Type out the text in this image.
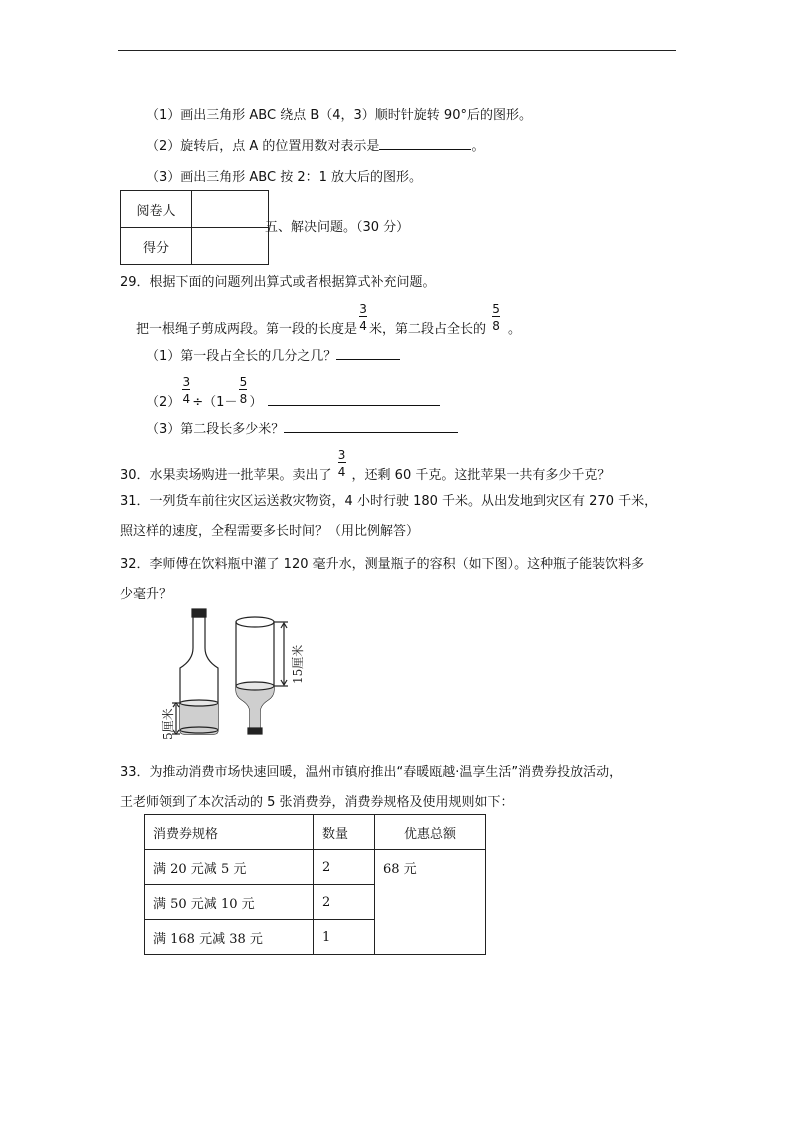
（1）画出三角形 ABC 绕点 B（4，3）顺时针旋转 90°后的图形。
（2）旋转后，点 A 的位置用数对表示是	。
（3）画出三角形 ABC 按 2：1 放大后的图形。
阅卷人	
得分	
五、解决问题。（30 分）
29．根据下面的问题列出算式或者根据算式补充问题。
把一根绳子剪成两段。第一段的长度是 $\frac{3}{4}$ 米，第二段占全长的 $\frac{5}{8}$ 。
（1）第一段占全长的几分之几？
$(2) \frac{3}{4} \div(1- \frac{5}{8}$ ）
（3）第二段长多少米？
30．水果卖场购进一批苹果。卖出了 $\frac{3}{4}$ ，还剩 60 千克。这批苹果一共有多少千克？
31．一列货车前往灾区运送救灾物资，4 小时行驶 180 千米。从出发地到灾区有 270 千米，
照这样的速度，全程需要多长时间？（用比例解答）
32．李师傅在饮料瓶中灌了 120 毫升水，测量瓶子的容积（如下图）。这种瓶子能装饮料多
少毫升？
5厘米
15厘米
33．为推动消费市场快速回暖，温州市镇府推出“春暖瓯越·温享生活”消费券投放活动，
王老师领到了本次活动的 5 张消费券，消费券规格及使用规则如下：
消费券规格	数量	优惠总额
满 20 元减 5 元	2	68 元
满 50 元减 10 元	2	
满 168 元减 38 元	1	
